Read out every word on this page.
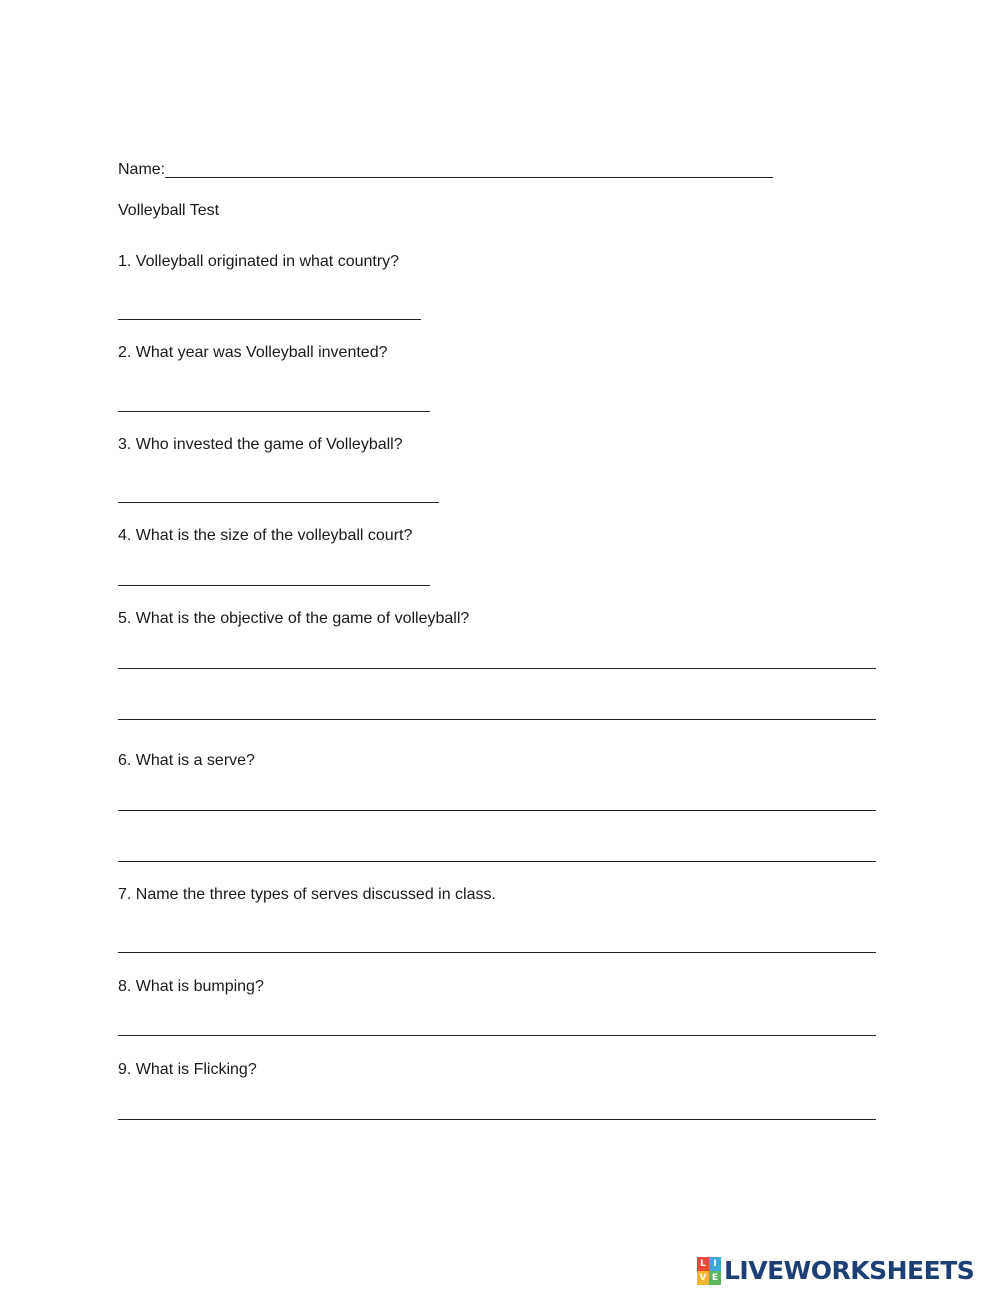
Name:
Volleyball Test
1. Volleyball originated in what country?
2. What year was Volleyball invented?
3. Who invested the game of Volleyball?
4. What is the size of the volleyball court?
5. What is the objective of the game of volleyball?
6. What is a serve?
7. Name the three types of serves discussed in class.
8. What is bumping?
9. What is Flicking?
L I
V E LIVEWORKSHEETS
